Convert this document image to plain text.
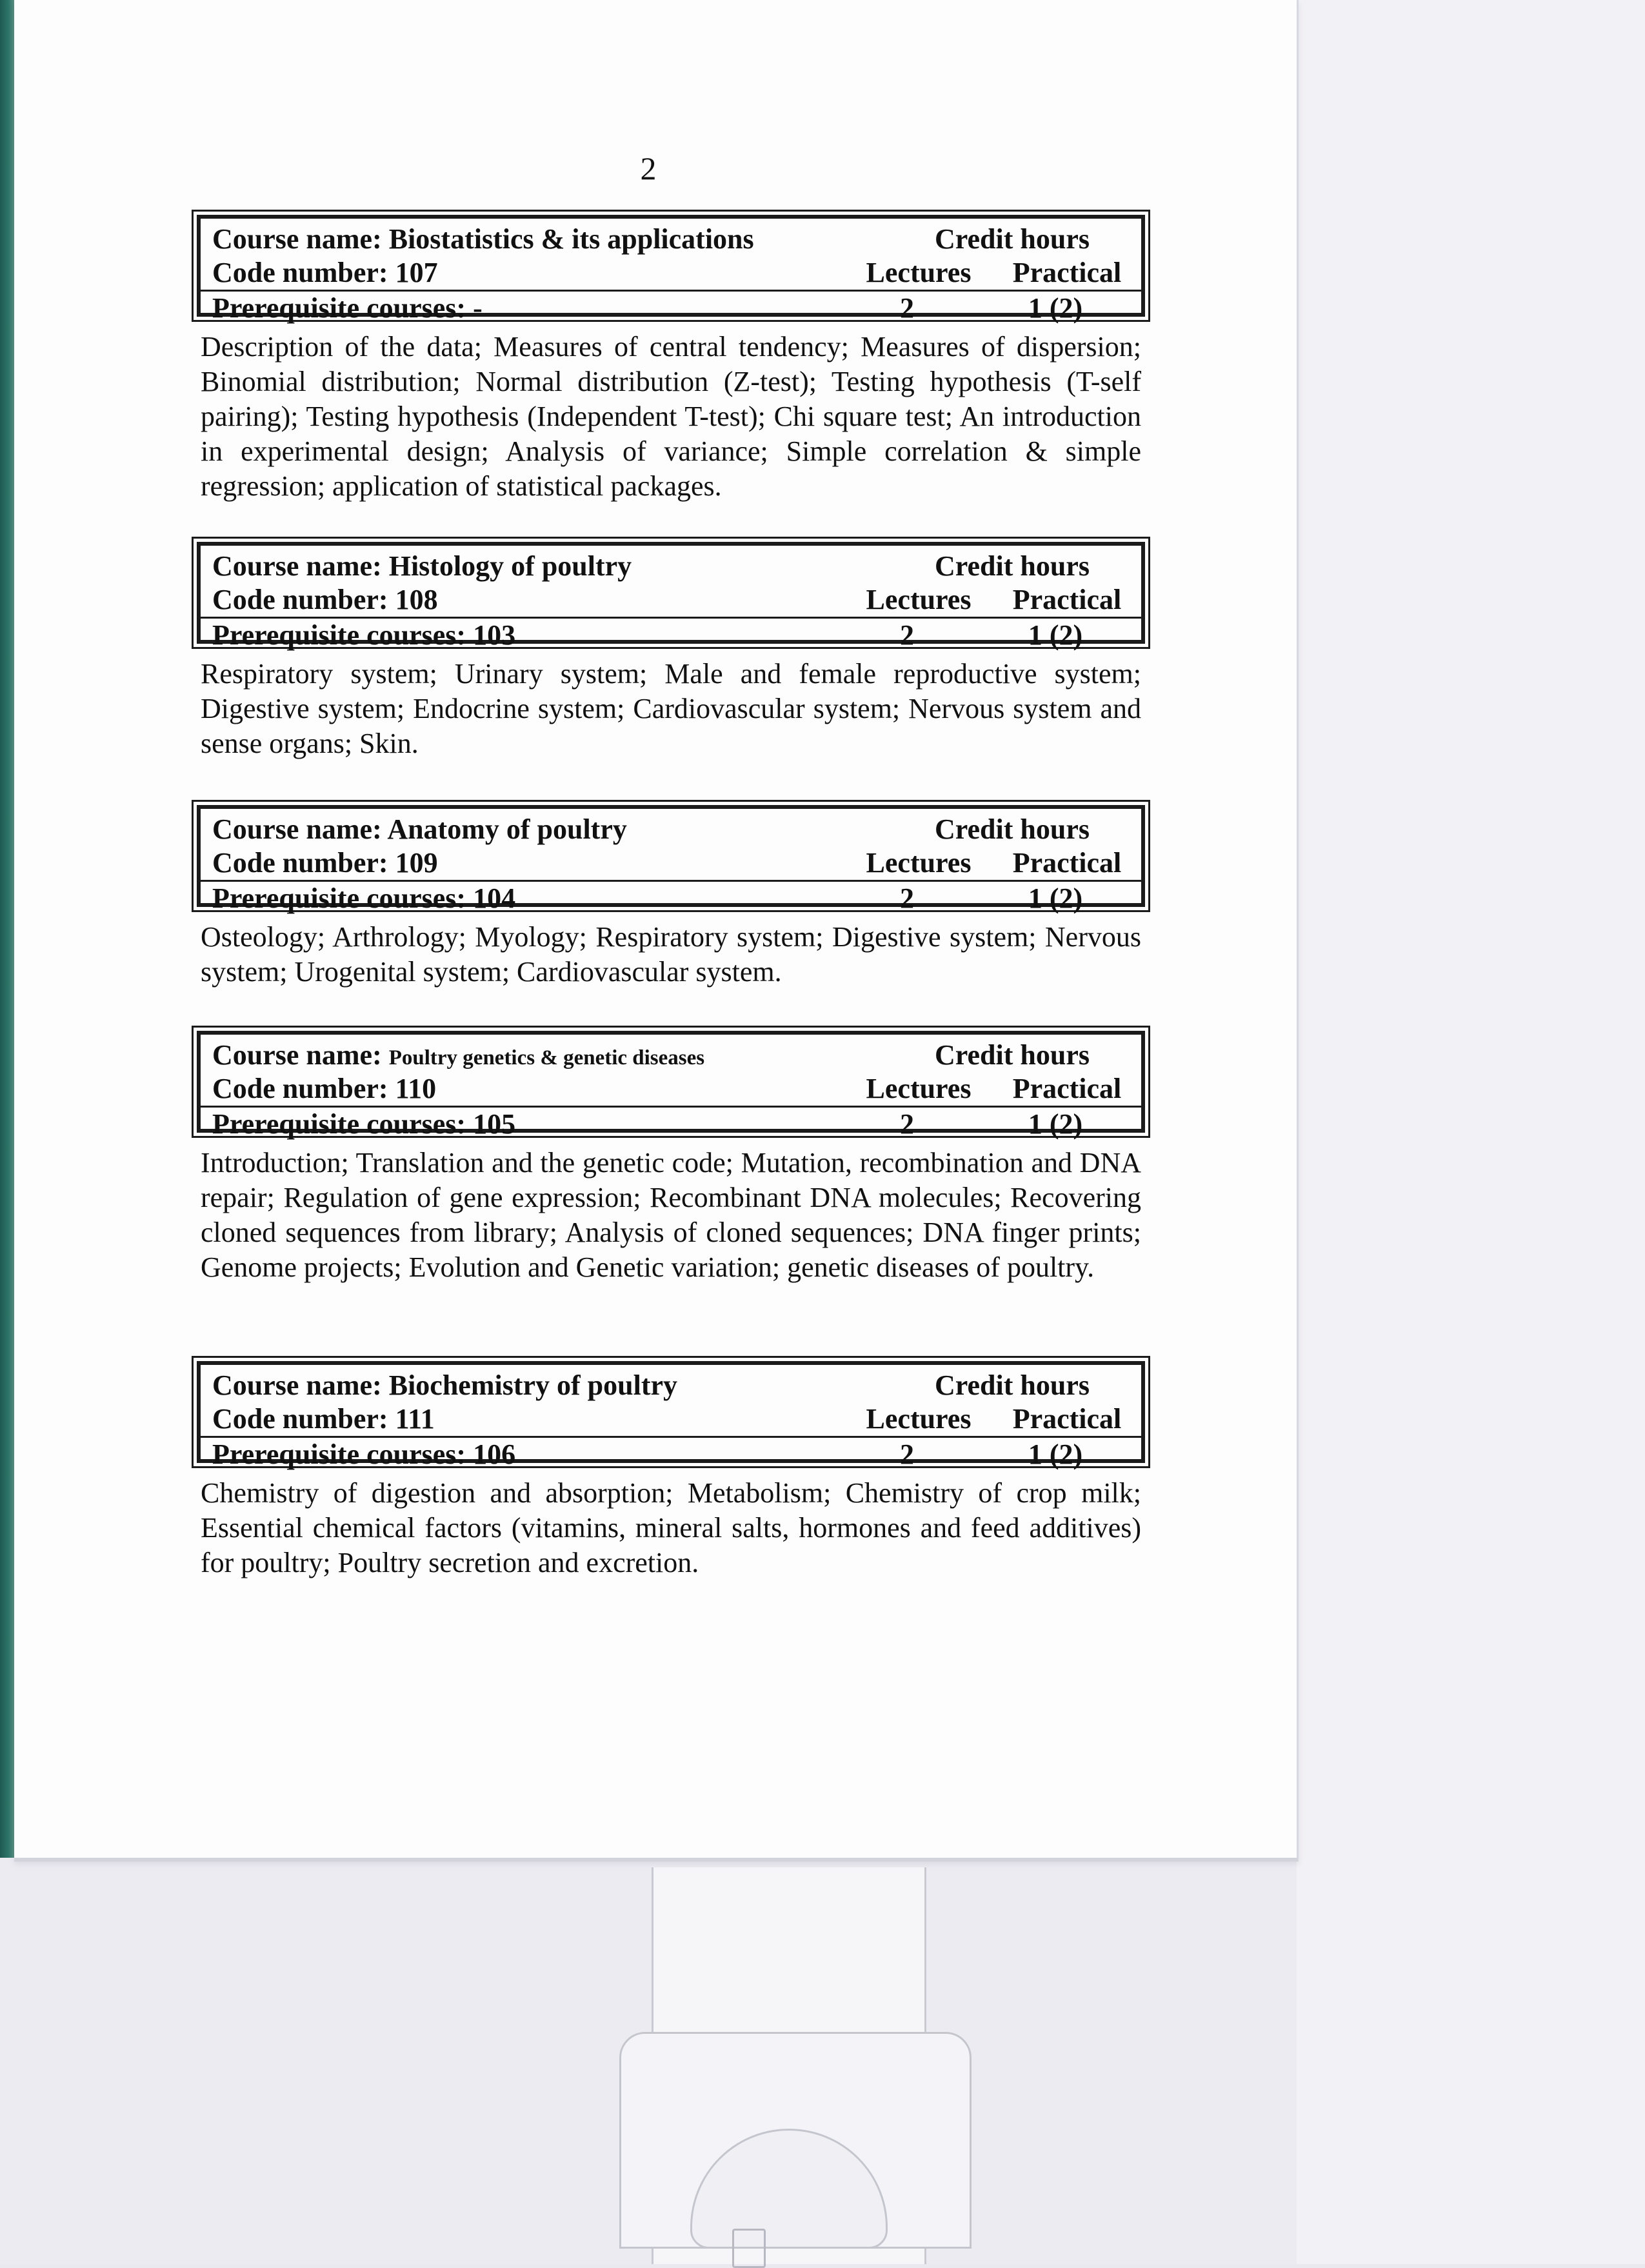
2
Course name: Biostatistics & its applications	Credit hours
Code number: 107	Lectures	Practical
Prerequisite courses: -	2	1 (2)
Description of the data; Measures of central tendency; Measures of dispersion; Binomial distribution; Normal distribution (Z-test); Testing hypothesis (T-self pairing); Testing hypothesis (Independent T-test); Chi square test; An introduction in experimental design; Analysis of variance; Simple correlation & simple regression; application of statistical packages.
Course name: Histology of poultry	Credit hours
Code number: 108	Lectures	Practical
Prerequisite courses: 103	2	1 (2)
Respiratory system; Urinary system; Male and female reproductive system; Digestive system; Endocrine system; Cardiovascular system; Nervous system and sense organs; Skin.
Course name: Anatomy of poultry	Credit hours
Code number: 109	Lectures	Practical
Prerequisite courses: 104	2	1 (2)
Osteology; Arthrology; Myology; Respiratory system; Digestive system; Nervous system; Urogenital system; Cardiovascular system.
Course name: Poultry genetics & genetic diseases	Credit hours
Code number: 110	Lectures	Practical
Prerequisite courses: 105	2	1 (2)
Introduction; Translation and the genetic code; Mutation, recombination and DNA repair; Regulation of gene expression; Recombinant DNA molecules; Recovering cloned sequences from library; Analysis of cloned sequences; DNA finger prints; Genome projects; Evolution and Genetic variation; genetic diseases of poultry.
Course name: Biochemistry of poultry	Credit hours
Code number: 111	Lectures	Practical
Prerequisite courses: 106	2	1 (2)
Chemistry of digestion and absorption; Metabolism; Chemistry of crop milk; Essential chemical factors (vitamins, mineral salts, hormones and feed additives) for poultry; Poultry secretion and excretion.
